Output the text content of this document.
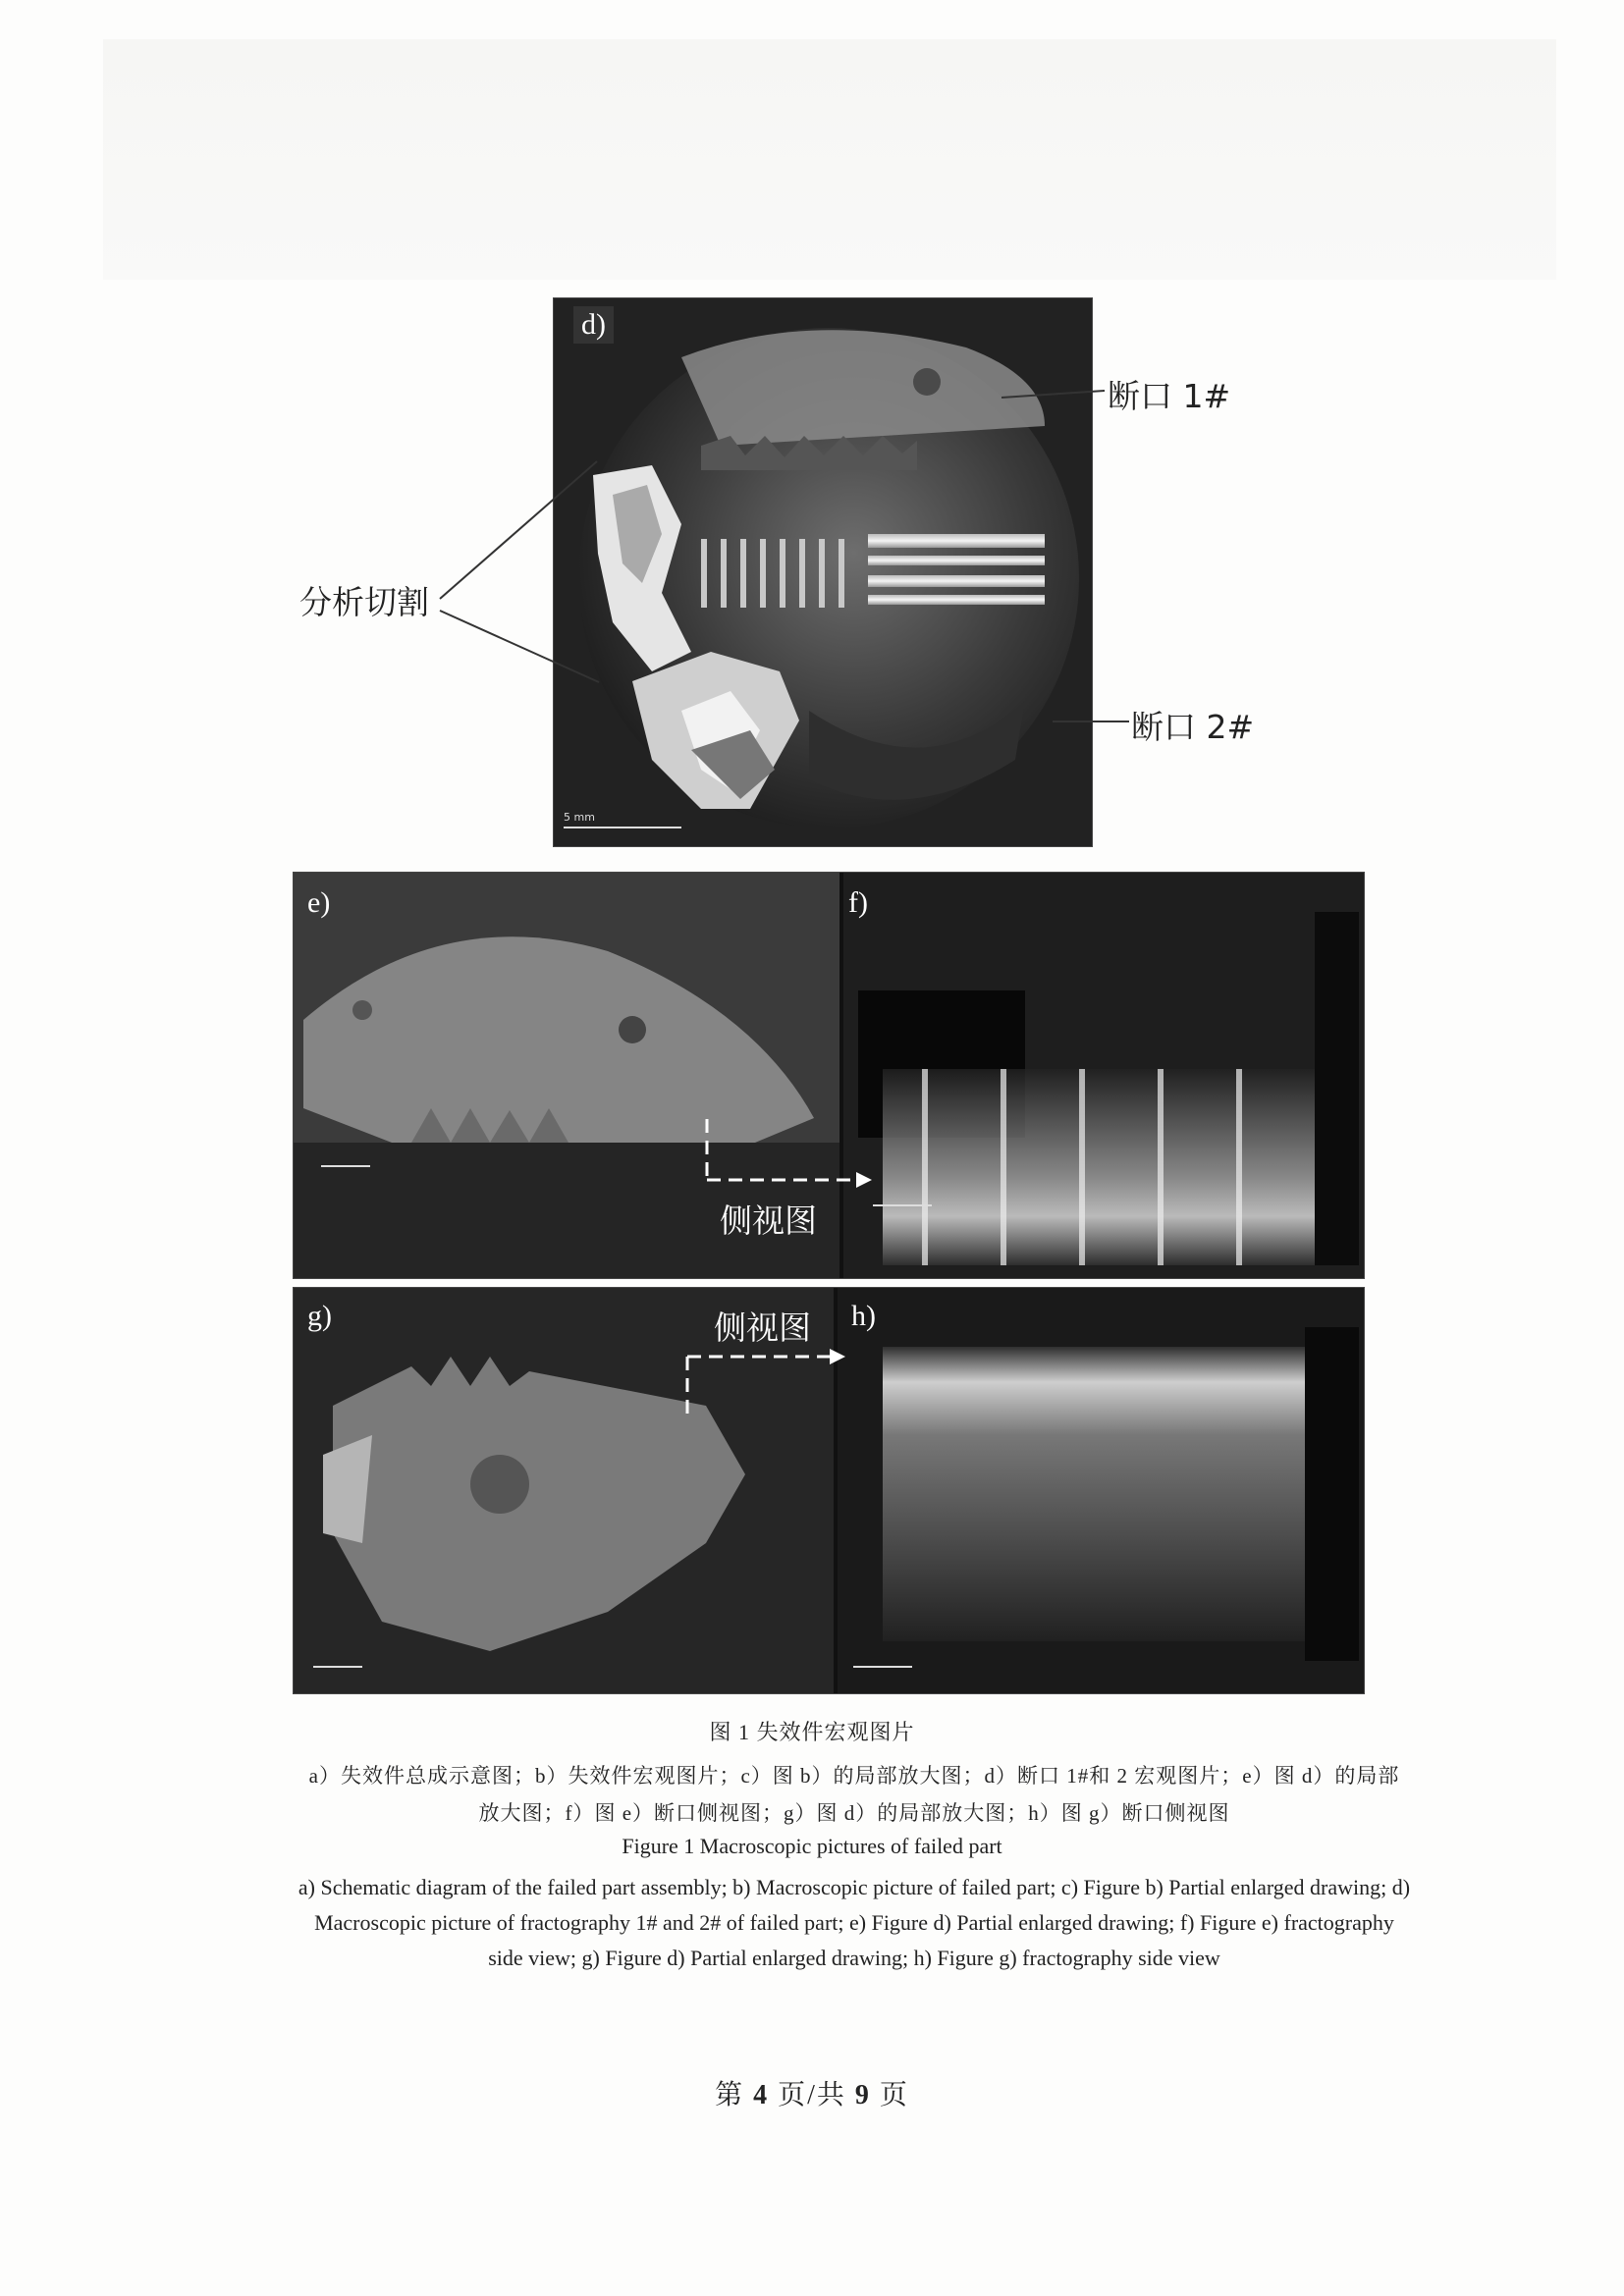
d)
5 mm
断口 1#
断口 2#
分析切割
e)	f)
侧视图
g)	h)
侧视图
图 1 失效件宏观图片
a）失效件总成示意图；b）失效件宏观图片；c）图 b）的局部放大图；d）断口 1#和 2 宏观图片；e）图 d）的局部放大图；f）图 e）断口侧视图；g）图 d）的局部放大图；h）图 g）断口侧视图
Figure 1 Macroscopic pictures of failed part
a) Schematic diagram of the failed part assembly; b) Macroscopic picture of failed part; c) Figure b) Partial enlarged drawing; d) Macroscopic picture of fractography 1# and 2# of failed part; e) Figure d) Partial enlarged drawing; f) Figure e) fractography side view; g) Figure d) Partial enlarged drawing; h) Figure g) fractography side view
第 4 页/共 9 页
